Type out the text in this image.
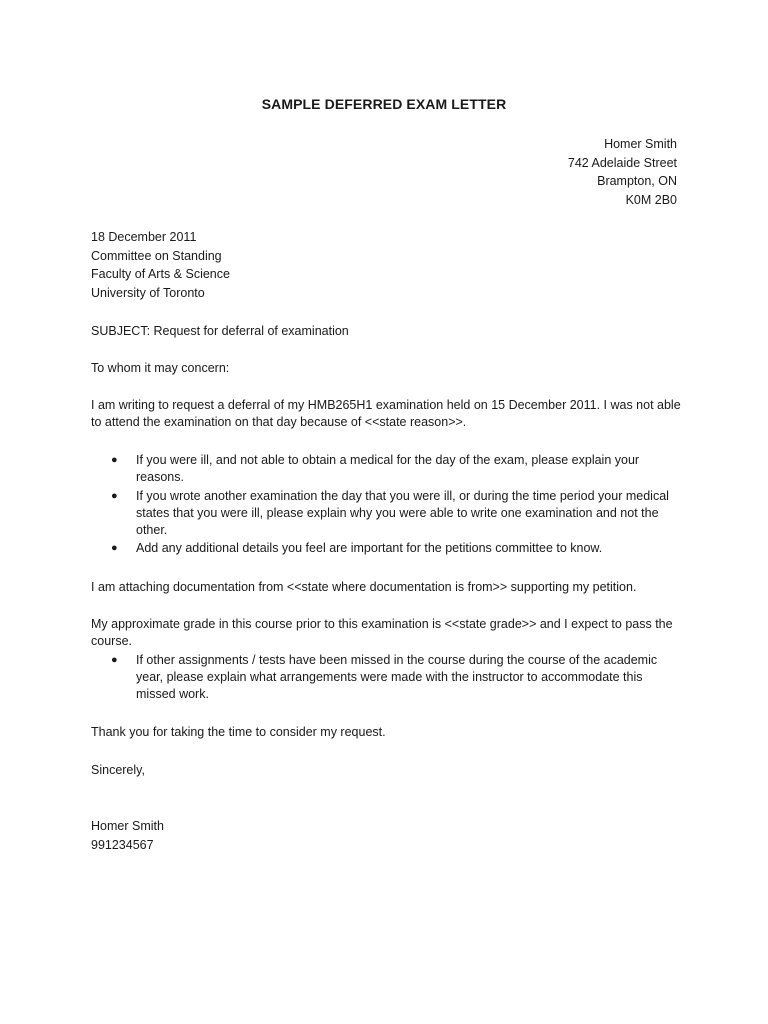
SAMPLE DEFERRED EXAM LETTER
Homer Smith
742 Adelaide Street
Brampton, ON
K0M 2B0
18 December 2011
Committee on Standing
Faculty of Arts & Science
University of Toronto
SUBJECT: Request for deferral of examination
To whom it may concern:
I am writing to request a deferral of my HMB265H1 examination held on 15 December 2011. I was not able to attend the examination on that day because of <<state reason>>.
● If you were ill, and not able to obtain a medical for the day of the exam, please explain your reasons.
● If you wrote another examination the day that you were ill, or during the time period your medical states that you were ill, please explain why you were able to write one examination and not the other.
● Add any additional details you feel are important for the petitions committee to know.
I am attaching documentation from <<state where documentation is from>> supporting my petition.
My approximate grade in this course prior to this examination is <<state grade>> and I expect to pass the course.
● If other assignments / tests have been missed in the course during the course of the academic year, please explain what arrangements were made with the instructor to accommodate this missed work.
Thank you for taking the time to consider my request.
Sincerely,
Homer Smith
991234567
